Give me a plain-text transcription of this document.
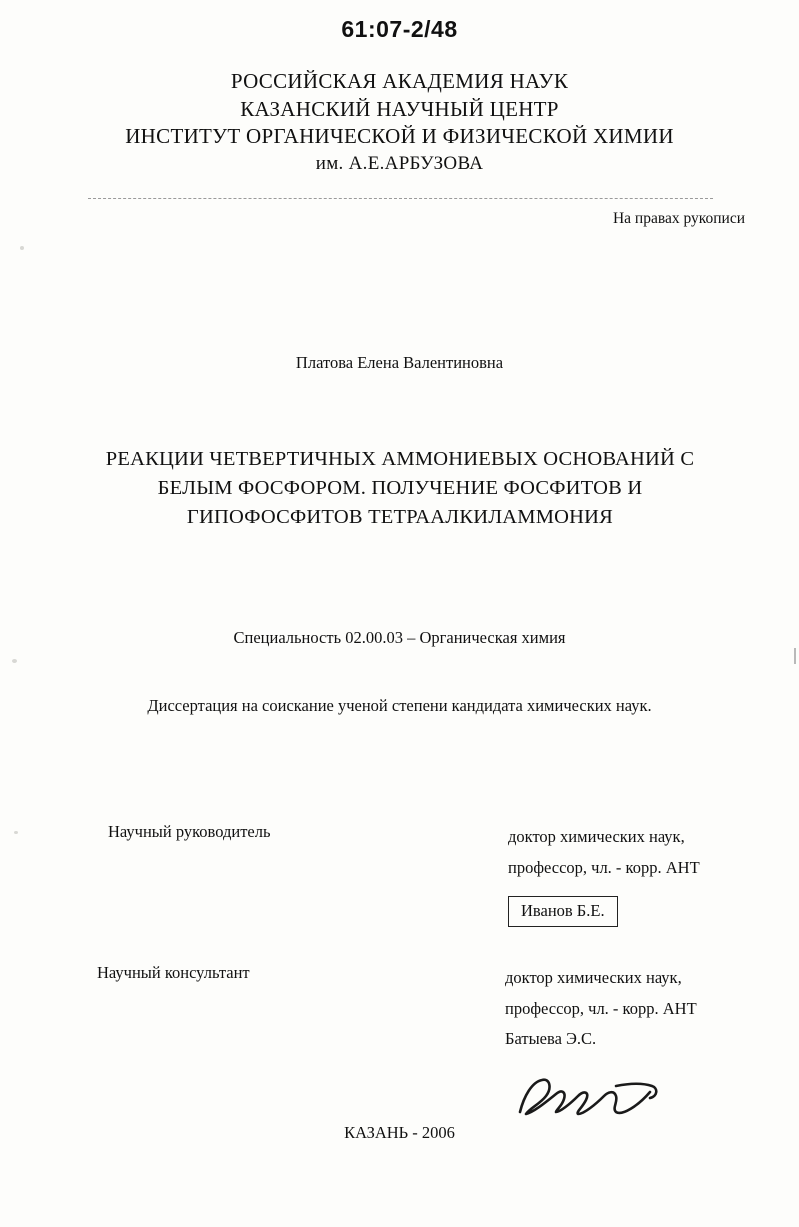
61:07-2/48
РОССИЙСКАЯ АКАДЕМИЯ НАУК
КАЗАНСКИЙ НАУЧНЫЙ ЦЕНТР
ИНСТИТУТ ОРГАНИЧЕСКОЙ И ФИЗИЧЕСКОЙ ХИМИИ
им. А.Е.АРБУЗОВА
На правах рукописи
Платова Елена Валентиновна
РЕАКЦИИ ЧЕТВЕРТИЧНЫХ АММОНИЕВЫХ ОСНОВАНИЙ С
БЕЛЫМ ФОСФОРОМ. ПОЛУЧЕНИЕ ФОСФИТОВ И
ГИПОФОСФИТОВ ТЕТРААЛКИЛАММОНИЯ
Специальность 02.00.03 – Органическая химия
Диссертация на соискание ученой степени кандидата химических наук.
Научный руководитель	доктор химических наук,
профессор, чл. - корр. АНТ
Иванов Б.Е.
Научный консультант	доктор химических наук,
профессор, чл. - корр. АНТ
Батыева Э.С.
КАЗАНЬ - 2006
